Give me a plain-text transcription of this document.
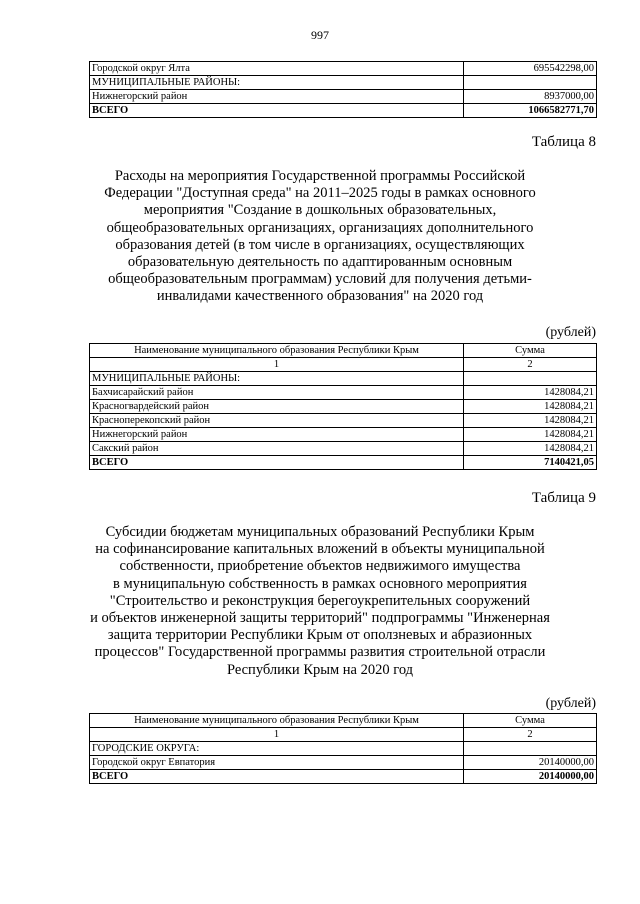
997
Городской округ Ялта	695542298,00
МУНИЦИПАЛЬНЫЕ РАЙОНЫ:	
Нижнегорский район	8937000,00
ВСЕГО	1066582771,70
Таблица 8
Расходы на мероприятия Государственной программы Российской
Федерации "Доступная среда" на 2011–2025 годы в рамках основного
мероприятия "Создание в дошкольных образовательных,
общеобразовательных организациях, организациях дополнительного
образования детей (в том числе в организациях, осуществляющих
образовательную деятельность по адаптированным основным
общеобразовательным программам) условий для получения детьми-
инвалидами качественного образования" на 2020 год
(рублей)
Наименование муниципального образования Республики Крым	Сумма
1	2
МУНИЦИПАЛЬНЫЕ РАЙОНЫ:	
Бахчисарайский район	1428084,21
Красногвардейский район	1428084,21
Красноперекопский район	1428084,21
Нижнегорский район	1428084,21
Сакский район	1428084,21
ВСЕГО	7140421,05
Таблица 9
Субсидии бюджетам муниципальных образований Республики Крым
на софинансирование капитальных вложений в объекты муниципальной
собственности, приобретение объектов недвижимого имущества
в муниципальную собственность в рамках основного мероприятия
"Строительство и реконструкция берегоукрепительных сооружений
и объектов инженерной защиты территорий" подпрограммы "Инженерная
защита территории Республики Крым от оползневых и абразионных
процессов" Государственной программы развития строительной отрасли
Республики Крым на 2020 год
(рублей)
Наименование муниципального образования Республики Крым	Сумма
1	2
ГОРОДСКИЕ ОКРУГА:	
Городской округ Евпатория	20140000,00
ВСЕГО	20140000,00
